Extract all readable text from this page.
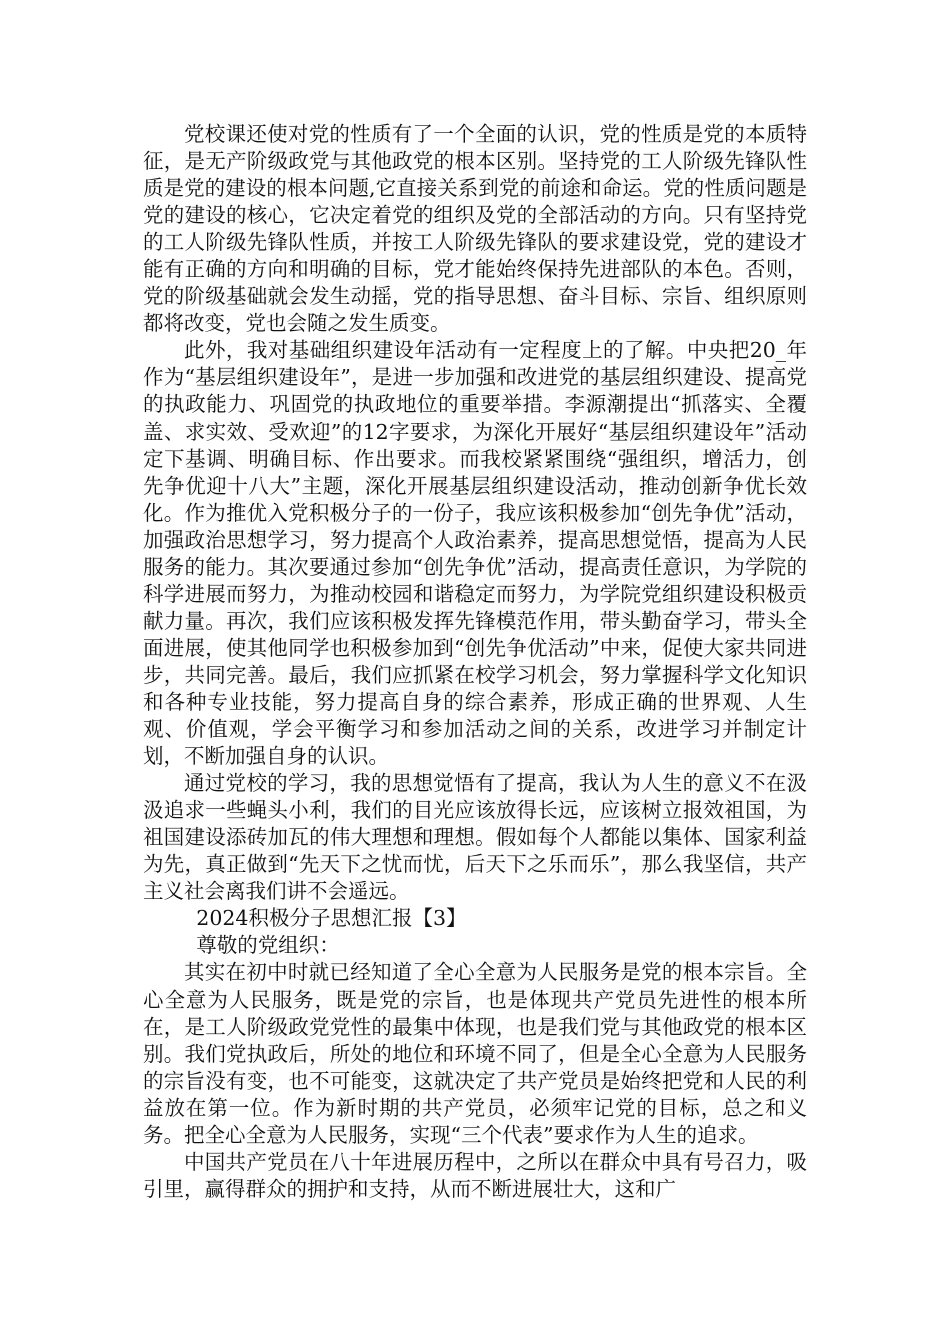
党校课还使对党的性质有了一个全面的认识，党的性质是党的本质特征，是无产阶级政党与其他政党的根本区别。坚持党的工人阶级先锋队性质是党的建设的根本问题,它直接关系到党的前途和命运。党的性质问题是党的建设的核心，它决定着党的组织及党的全部活动的方向。只有坚持党的工人阶级先锋队性质，并按工人阶级先锋队的要求建设党，党的建设才能有正确的方向和明确的目标，党才能始终保持先进部队的本色。否则，党的阶级基础就会发生动摇，党的指导思想、奋斗目标、宗旨、组织原则都将改变，党也会随之发生质变。

此外，我对基础组织建设年活动有一定程度上的了解。中央把20_年作为“基层组织建设年”，是进一步加强和改进党的基层组织建设、提高党的执政能力、巩固党的执政地位的重要举措。李源潮提出“抓落实、全覆盖、求实效、受欢迎”的12字要求，为深化开展好“基层组织建设年”活动定下基调、明确目标、作出要求。而我校紧紧围绕“强组织，增活力，创先争优迎十八大”主题，深化开展基层组织建设活动，推动创新争优长效化。作为推优入党积极分子的一份子，我应该积极参加“创先争优”活动，加强政治思想学习，努力提高个人政治素养，提高思想觉悟，提高为人民服务的能力。其次要通过参加“创先争优”活动，提高责任意识，为学院的科学进展而努力，为推动校园和谐稳定而努力，为学院党组织建设积极贡献力量。再次，我们应该积极发挥先锋模范作用，带头勤奋学习，带头全面进展，使其他同学也积极参加到“创先争优活动”中来，促使大家共同进步，共同完善。最后，我们应抓紧在校学习机会，努力掌握科学文化知识和各种专业技能，努力提高自身的综合素养，形成正确的世界观、人生观、价值观，学会平衡学习和参加活动之间的关系，改进学习并制定计划，不断加强自身的认识。

通过党校的学习，我的思想觉悟有了提高，我认为人生的意义不在汲汲追求一些蝇头小利，我们的目光应该放得长远，应该树立报效祖国，为祖国建设添砖加瓦的伟大理想和理想。假如每个人都能以集体、国家利益为先，真正做到“先天下之忧而忧，后天下之乐而乐”，那么我坚信，共产主义社会离我们讲不会遥远。

2024积极分子思想汇报【3】

尊敬的党组织：

其实在初中时就已经知道了全心全意为人民服务是党的根本宗旨。全心全意为人民服务，既是党的宗旨，也是体现共产党员先进性的根本所在，是工人阶级政党党性的最集中体现，也是我们党与其他政党的根本区别。我们党执政后，所处的地位和环境不同了，但是全心全意为人民服务的宗旨没有变，也不可能变，这就决定了共产党员是始终把党和人民的利益放在第一位。作为新时期的共产党员，必须牢记党的目标，总之和义务。把全心全意为人民服务，实现“三个代表”要求作为人生的追求。

中国共产党员在八十年进展历程中，之所以在群众中具有号召力，吸引里，赢得群众的拥护和支持，从而不断进展壮大，这和广
